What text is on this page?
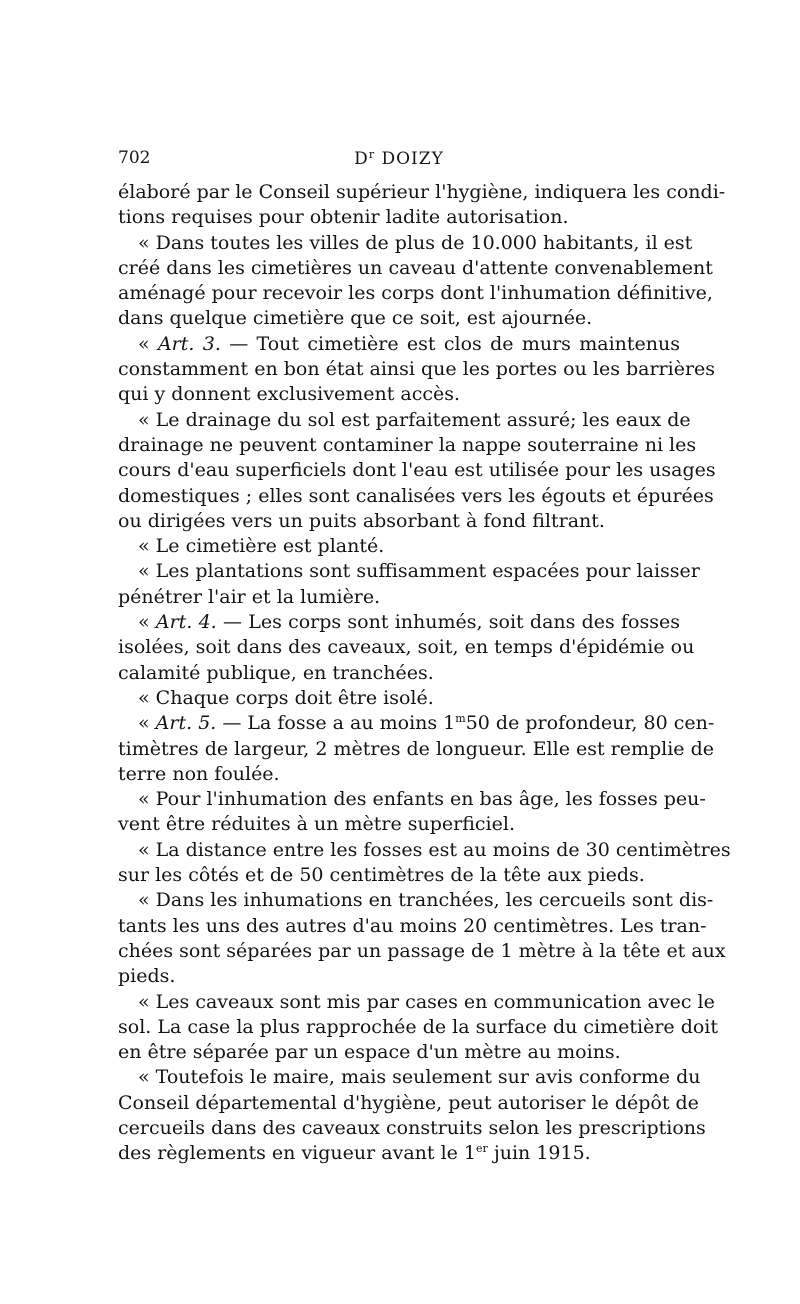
702	$D^r$ DOIZY
élaboré par le Conseil supérieur l'hygiène, indiquera les condi-
tions requises pour obtenir ladite autorisation.
« Dans toutes les villes de plus de 10.000 habitants, il est
créé dans les cimetières un caveau d'attente convenablement
aménagé pour recevoir les corps dont l'inhumation définitive,
dans quelque cimetière que ce soit, est ajournée.
« Art. 3. — Tout cimetière est clos de murs maintenus
constamment en bon état ainsi que les portes ou les barrières
qui y donnent exclusivement accès.
« Le drainage du sol est parfaitement assuré; les eaux de
drainage ne peuvent contaminer la nappe souterraine ni les
cours d'eau superficiels dont l'eau est utilisée pour les usages
domestiques ; elles sont canalisées vers les égouts et épurées
ou dirigées vers un puits absorbant à fond filtrant.
« Le cimetière est planté.
« Les plantations sont suffisamment espacées pour laisser
pénétrer l'air et la lumière.
« Art. 4. — Les corps sont inhumés, soit dans des fosses
isolées, soit dans des caveaux, soit, en temps d'épidémie ou
calamité publique, en tranchées.
« Chaque corps doit être isolé.
« Art. 5. — La fosse a au moins 1$^m$50 de profondeur, 80 cen-
timètres de largeur, 2 mètres de longueur. Elle est remplie de
terre non foulée.
« Pour l'inhumation des enfants en bas âge, les fosses peu-
vent être réduites à un mètre superficiel.
« La distance entre les fosses est au moins de 30 centimètres
sur les côtés et de 50 centimètres de la tête aux pieds.
« Dans les inhumations en tranchées, les cercueils sont dis-
tants les uns des autres d'au moins 20 centimètres. Les tran-
chées sont séparées par un passage de 1 mètre à la tête et aux
pieds.
« Les caveaux sont mis par cases en communication avec le
sol. La case la plus rapprochée de la surface du cimetière doit
en être séparée par un espace d'un mètre au moins.
« Toutefois le maire, mais seulement sur avis conforme du
Conseil départemental d'hygiène, peut autoriser le dépôt de
cercueils dans des caveaux construits selon les prescriptions
des règlements en vigueur avant le 1er juin 1915.
